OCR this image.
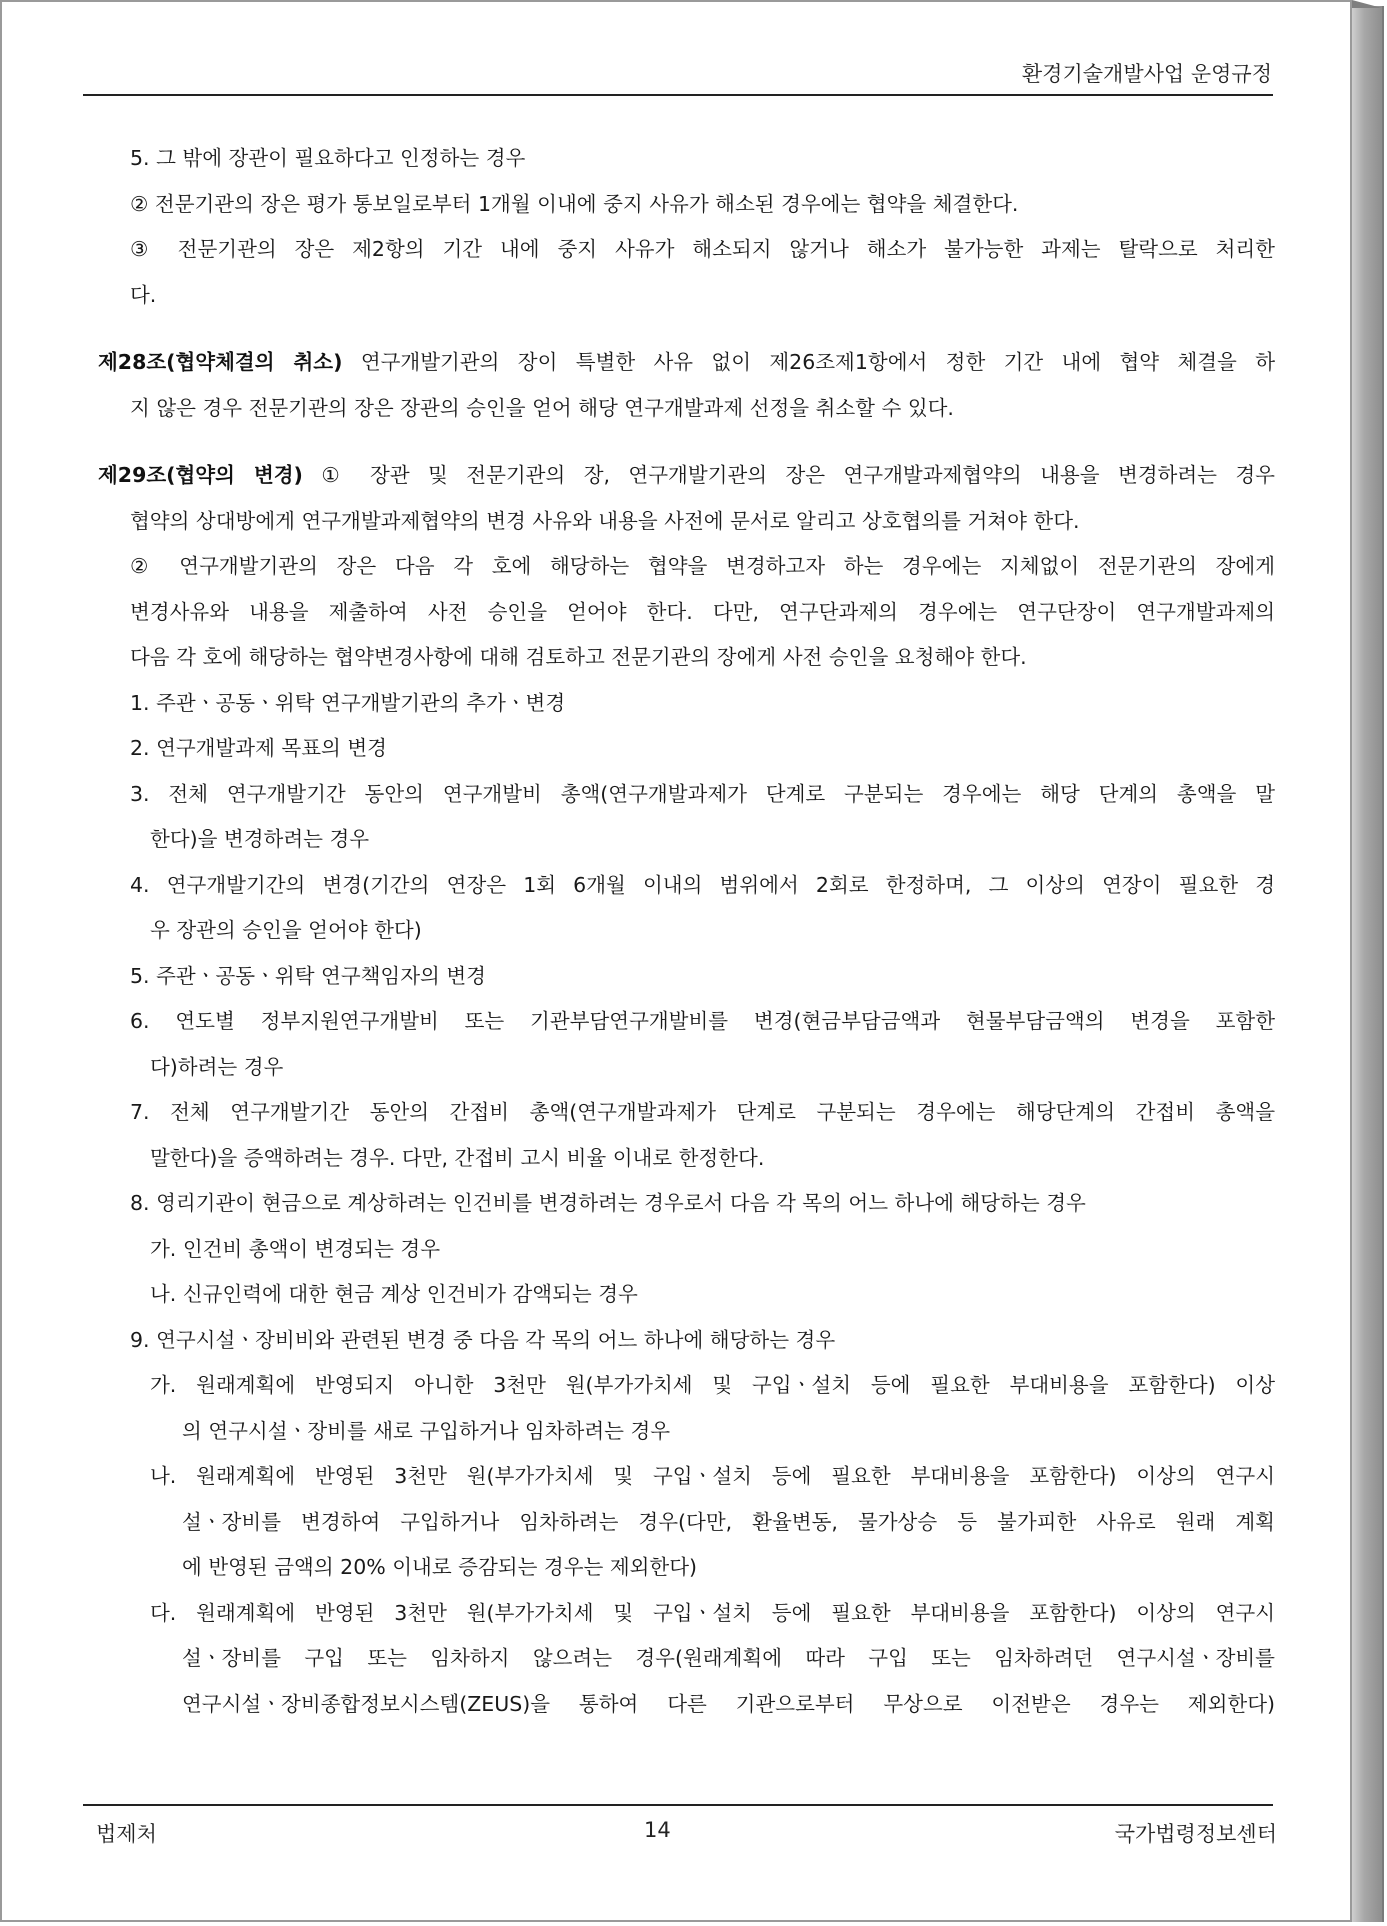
환경기술개발사업 운영규정
5. 그 밖에 장관이 필요하다고 인정하는 경우
② 전문기관의 장은 평가 통보일로부터 1개월 이내에 중지 사유가 해소된 경우에는 협약을 체결한다.
③ 전문기관의 장은 제2항의 기간 내에 중지 사유가 해소되지 않거나 해소가 불가능한 과제는 탈락으로 처리한
다.
제28조(협약체결의 취소) 연구개발기관의 장이 특별한 사유 없이 제26조제1항에서 정한 기간 내에 협약 체결을 하
지 않은 경우 전문기관의 장은 장관의 승인을 얻어 해당 연구개발과제 선정을 취소할 수 있다.
제29조(협약의 변경) ① 장관 및 전문기관의 장, 연구개발기관의 장은 연구개발과제협약의 내용을 변경하려는 경우
협약의 상대방에게 연구개발과제협약의 변경 사유와 내용을 사전에 문서로 알리고 상호협의를 거쳐야 한다.
② 연구개발기관의 장은 다음 각 호에 해당하는 협약을 변경하고자 하는 경우에는 지체없이 전문기관의 장에게
변경사유와 내용을 제출하여 사전 승인을 얻어야 한다. 다만, 연구단과제의 경우에는 연구단장이 연구개발과제의
다음 각 호에 해당하는 협약변경사항에 대해 검토하고 전문기관의 장에게 사전 승인을 요청해야 한다.
1. 주관ㆍ공동ㆍ위탁 연구개발기관의 추가ㆍ변경
2. 연구개발과제 목표의 변경
3. 전체 연구개발기간 동안의 연구개발비 총액(연구개발과제가 단계로 구분되는 경우에는 해당 단계의 총액을 말
한다)을 변경하려는 경우
4. 연구개발기간의 변경(기간의 연장은 1회 6개월 이내의 범위에서 2회로 한정하며, 그 이상의 연장이 필요한 경
우 장관의 승인을 얻어야 한다)
5. 주관ㆍ공동ㆍ위탁 연구책임자의 변경
6. 연도별 정부지원연구개발비 또는 기관부담연구개발비를 변경(현금부담금액과 현물부담금액의 변경을 포함한
다)하려는 경우
7. 전체 연구개발기간 동안의 간접비 총액(연구개발과제가 단계로 구분되는 경우에는 해당단계의 간접비 총액을
말한다)을 증액하려는 경우. 다만, 간접비 고시 비율 이내로 한정한다.
8. 영리기관이 현금으로 계상하려는 인건비를 변경하려는 경우로서 다음 각 목의 어느 하나에 해당하는 경우
가. 인건비 총액이 변경되는 경우
나. 신규인력에 대한 현금 계상 인건비가 감액되는 경우
9. 연구시설ㆍ장비비와 관련된 변경 중 다음 각 목의 어느 하나에 해당하는 경우
가. 원래계획에 반영되지 아니한 3천만 원(부가가치세 및 구입ㆍ설치 등에 필요한 부대비용을 포함한다) 이상
의 연구시설ㆍ장비를 새로 구입하거나 임차하려는 경우
나. 원래계획에 반영된 3천만 원(부가가치세 및 구입ㆍ설치 등에 필요한 부대비용을 포함한다) 이상의 연구시
설ㆍ장비를 변경하여 구입하거나 임차하려는 경우(다만, 환율변동, 물가상승 등 불가피한 사유로 원래 계획
에 반영된 금액의 20% 이내로 증감되는 경우는 제외한다)
다. 원래계획에 반영된 3천만 원(부가가치세 및 구입ㆍ설치 등에 필요한 부대비용을 포함한다) 이상의 연구시
설ㆍ장비를 구입 또는 임차하지 않으려는 경우(원래계획에 따라 구입 또는 임차하려던 연구시설ㆍ장비를
연구시설ㆍ장비종합정보시스템(ZEUS)을 통하여 다른 기관으로부터 무상으로 이전받은 경우는 제외한다)
법제처	14	국가법령정보센터
